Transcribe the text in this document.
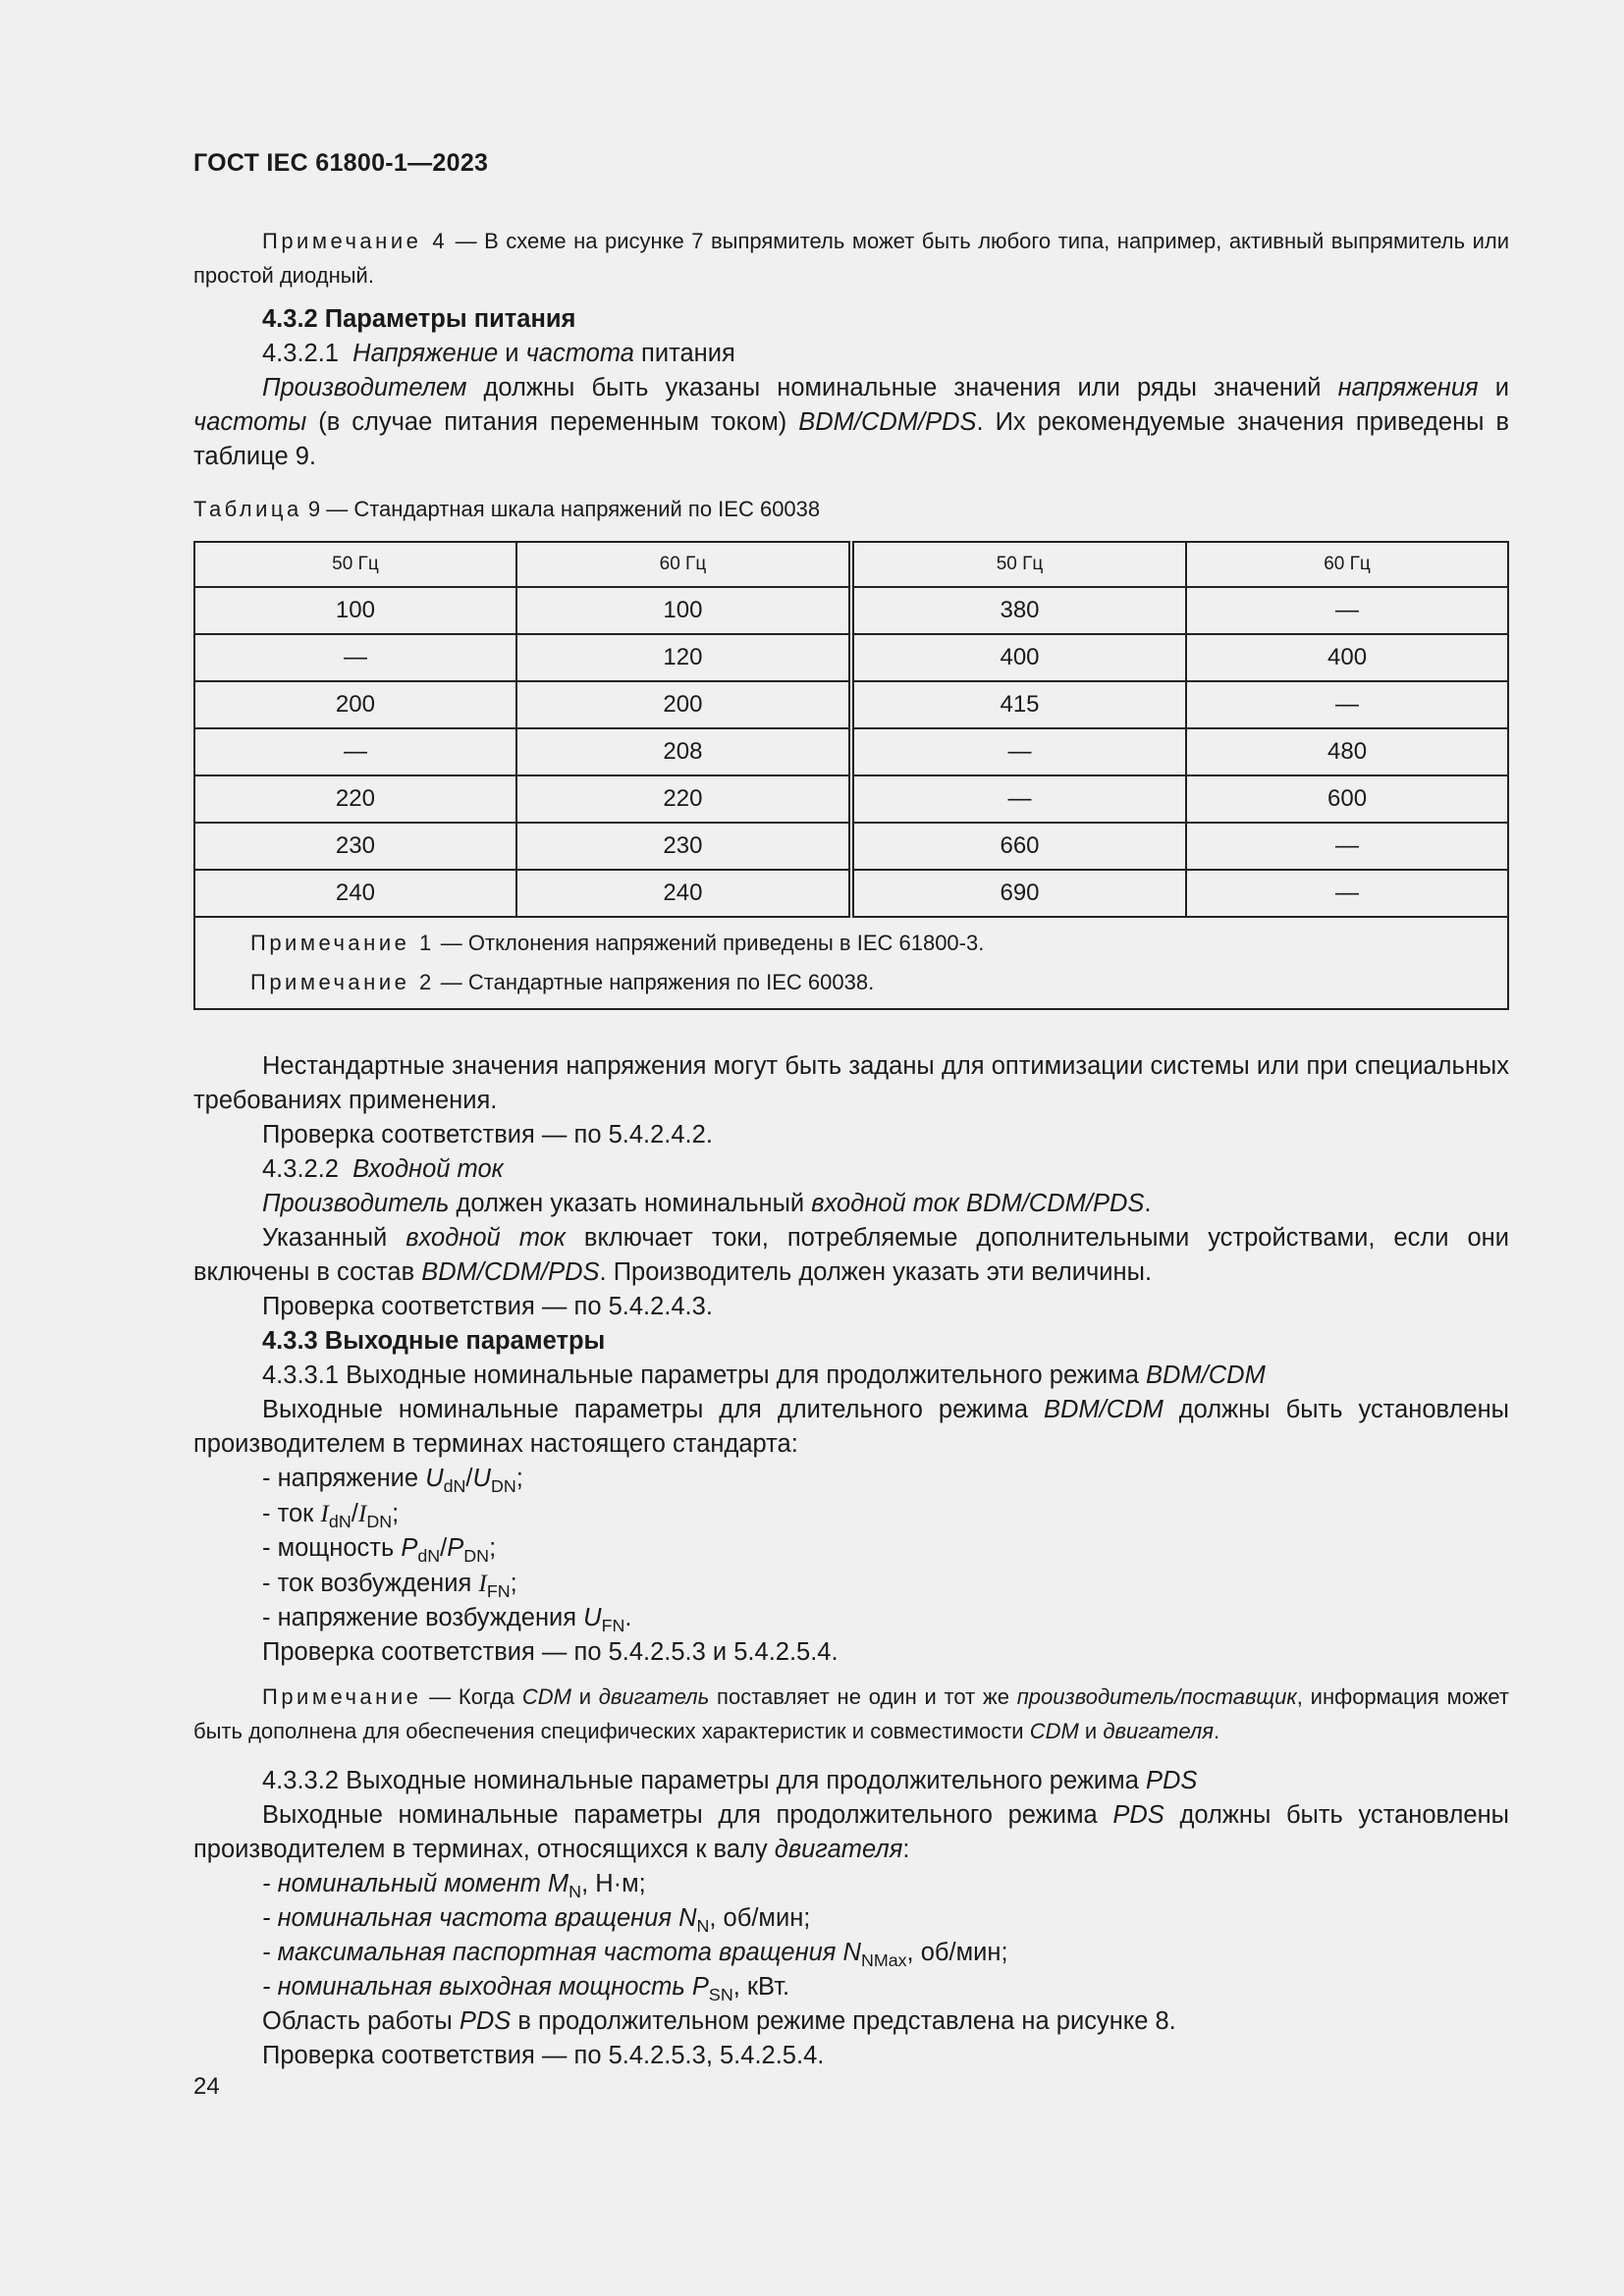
ГОСТ IEC 61800-1—2023
Примечание 4 — В схеме на рисунке 7 выпрямитель может быть любого типа, например, активный выпрямитель или простой диодный.

4.3.2 Параметры питания

4.3.2.1 Напряжение и частота питания

Производителем должны быть указаны номинальные значения или ряды значений напряжения и частоты (в случае питания переменным током) BDM/CDM/PDS. Их рекомендуемые значения приведены в таблице 9.

Таблица 9 — Стандартная шкала напряжений по IEC 60038
50 Гц	60 Гц	50 Гц	60 Гц
100	100	380	—
—	120	400	400
200	200	415	—
—	208	—	480
220	220	—	600
230	230	660	—
240	240	690	—

Примечание 1 — Отклонения напряжений приведены в IEC 61800-3.
Примечание 2 — Стандартные напряжения по IEC 60038.			

Нестандартные значения напряжения могут быть заданы для оптимизации системы или при специальных требованиях применения.

Проверка соответствия — по 5.4.2.4.2.

4.3.2.2 Входной ток

Производитель должен указать номинальный входной ток BDM/CDM/PDS.

Указанный входной ток включает токи, потребляемые дополнительными устройствами, если они включены в состав BDM/CDM/PDS. Производитель должен указать эти величины.

Проверка соответствия — по 5.4.2.4.3.

4.3.3 Выходные параметры

4.3.3.1 Выходные номинальные параметры для продолжительного режима BDM/CDM

Выходные номинальные параметры для длительного режима BDM/CDM должны быть установлены производителем в терминах настоящего стандарта:

- напряжение $U_{dN}/U_{DN}$;

- ток $I_{dN}/I_{DN}$;

- мощность $P_{dN}/P_{DN}$;

- ток возбуждения $I_{FN}$;

- напряжение возбуждения $U_{FN}$.

Проверка соответствия — по 5.4.2.5.3 и 5.4.2.5.4.

Примечание — Когда CDM и двигатель поставляет не один и тот же производитель/поставщик, информация может быть дополнена для обеспечения специфических характеристик и совместимости CDM и двигателя.

4.3.3.2 Выходные номинальные параметры для продолжительного режима PDS

Выходные номинальные параметры для продолжительного режима PDS должны быть установлены производителем в терминах, относящихся к валу двигателя:

- номинальный момент $M_N$, Н·м;

- номинальная частота вращения $N_N$, об/мин;

- максимальная паспортная частота вращения $N_{NMax}$, об/мин;

- номинальная выходная мощность $P_{SN}$, кВт.

Область работы PDS в продолжительном режиме представлена на рисунке 8.

Проверка соответствия — по 5.4.2.5.3, 5.4.2.5.4.

24
